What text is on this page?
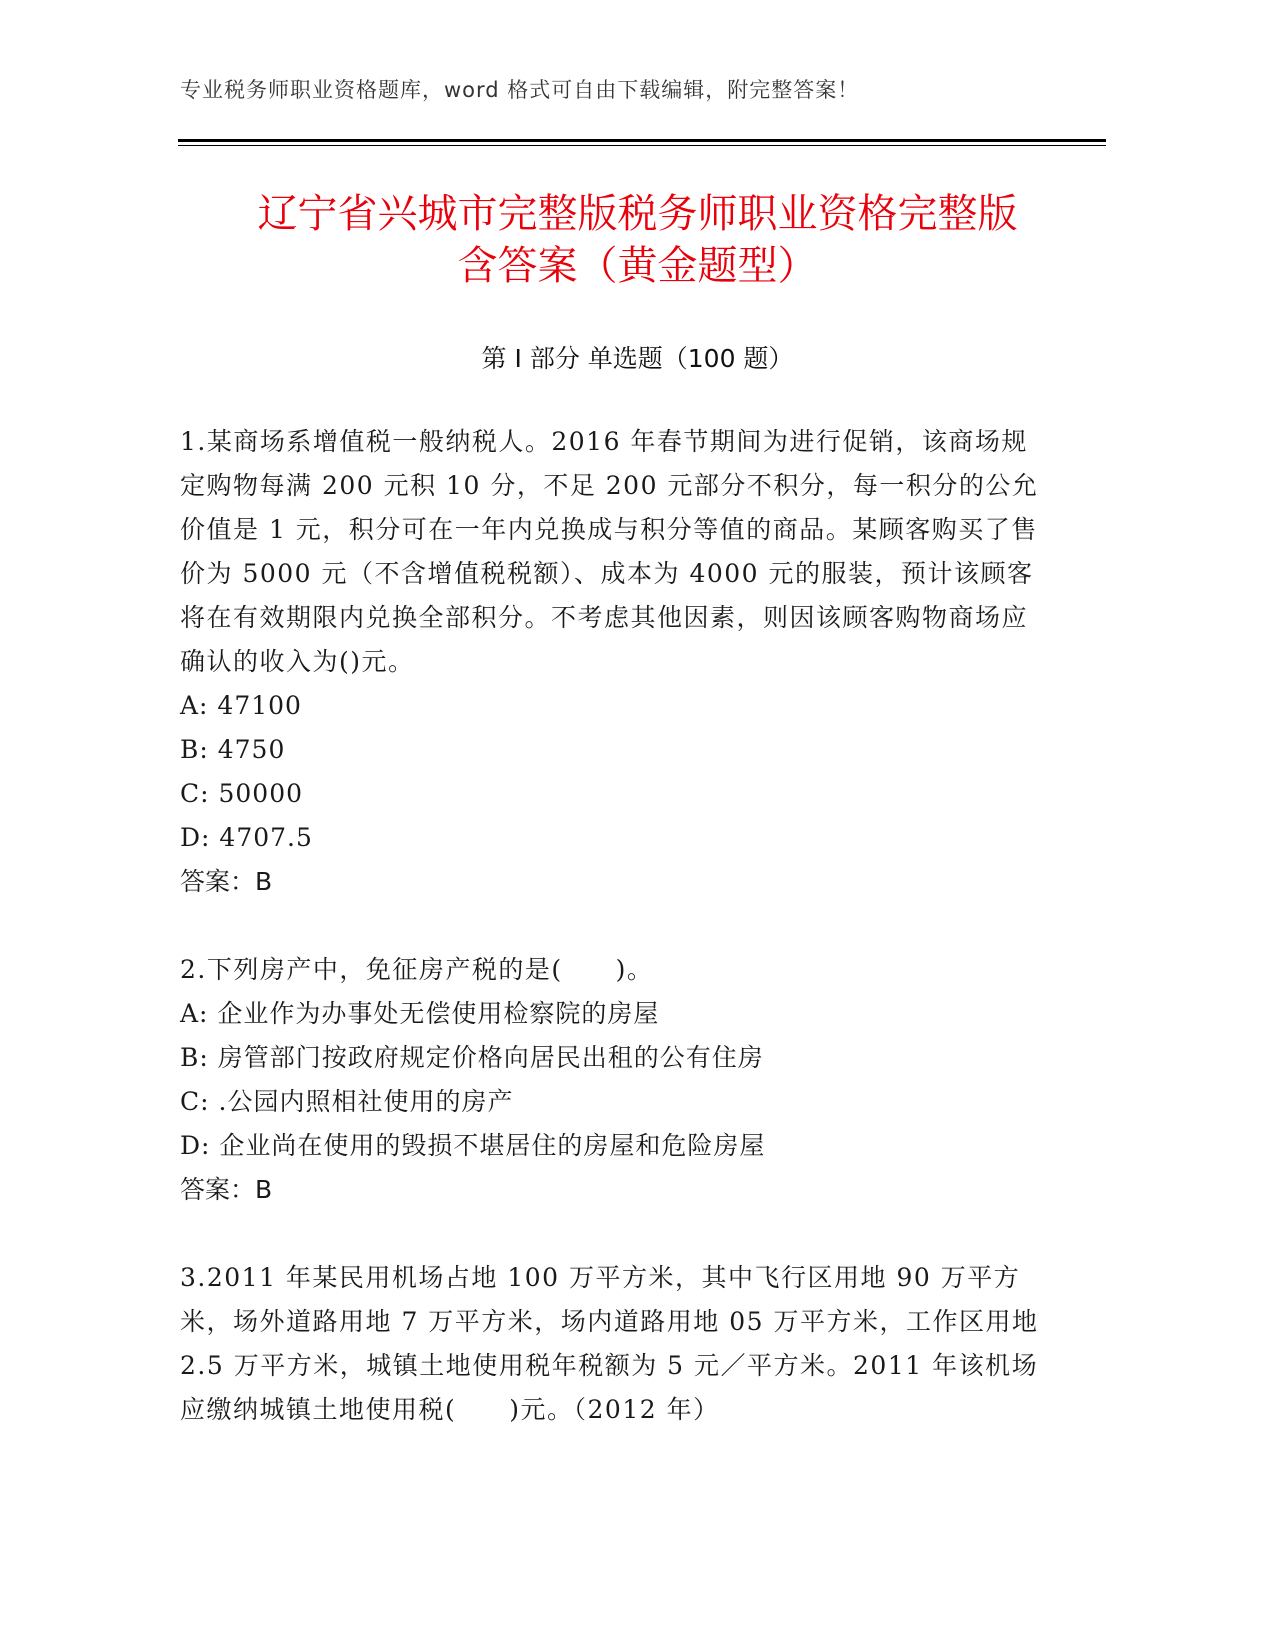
专业税务师职业资格题库，word 格式可自由下载编辑，附完整答案！
辽宁省兴城市完整版税务师职业资格完整版
含答案（黄金题型）
第 I 部分 单选题（100 题）

1.某商场系增值税一般纳税人。2016 年春节期间为进行促销，该商场规定购物每满 200 元积 10 分，不足 200 元部分不积分，每一积分的公允价值是 1 元，积分可在一年内兑换成与积分等值的商品。某顾客购买了售价为 5000 元（不含增值税税额）、成本为 4000 元的服装，预计该顾客将在有效期限内兑换全部积分。不考虑其他因素，则因该顾客购物商场应确认的收入为()元。

A: 47100

B: 4750

C: 50000

D: 4707.5

答案：B

2.下列房产中，免征房产税的是(　　)。

A: 企业作为办事处无偿使用检察院的房屋

B: 房管部门按政府规定价格向居民出租的公有住房

C: .公园内照相社使用的房产

D: 企业尚在使用的毁损不堪居住的房屋和危险房屋

答案：B

3.2011 年某民用机场占地 100 万平方米，其中飞行区用地 90 万平方米，场外道路用地 7 万平方米，场内道路用地 05 万平方米，工作区用地 2.5 万平方米，城镇土地使用税年税额为 5 元／平方米。2011 年该机场应缴纳城镇土地使用税(　　)元。（2012 年）
